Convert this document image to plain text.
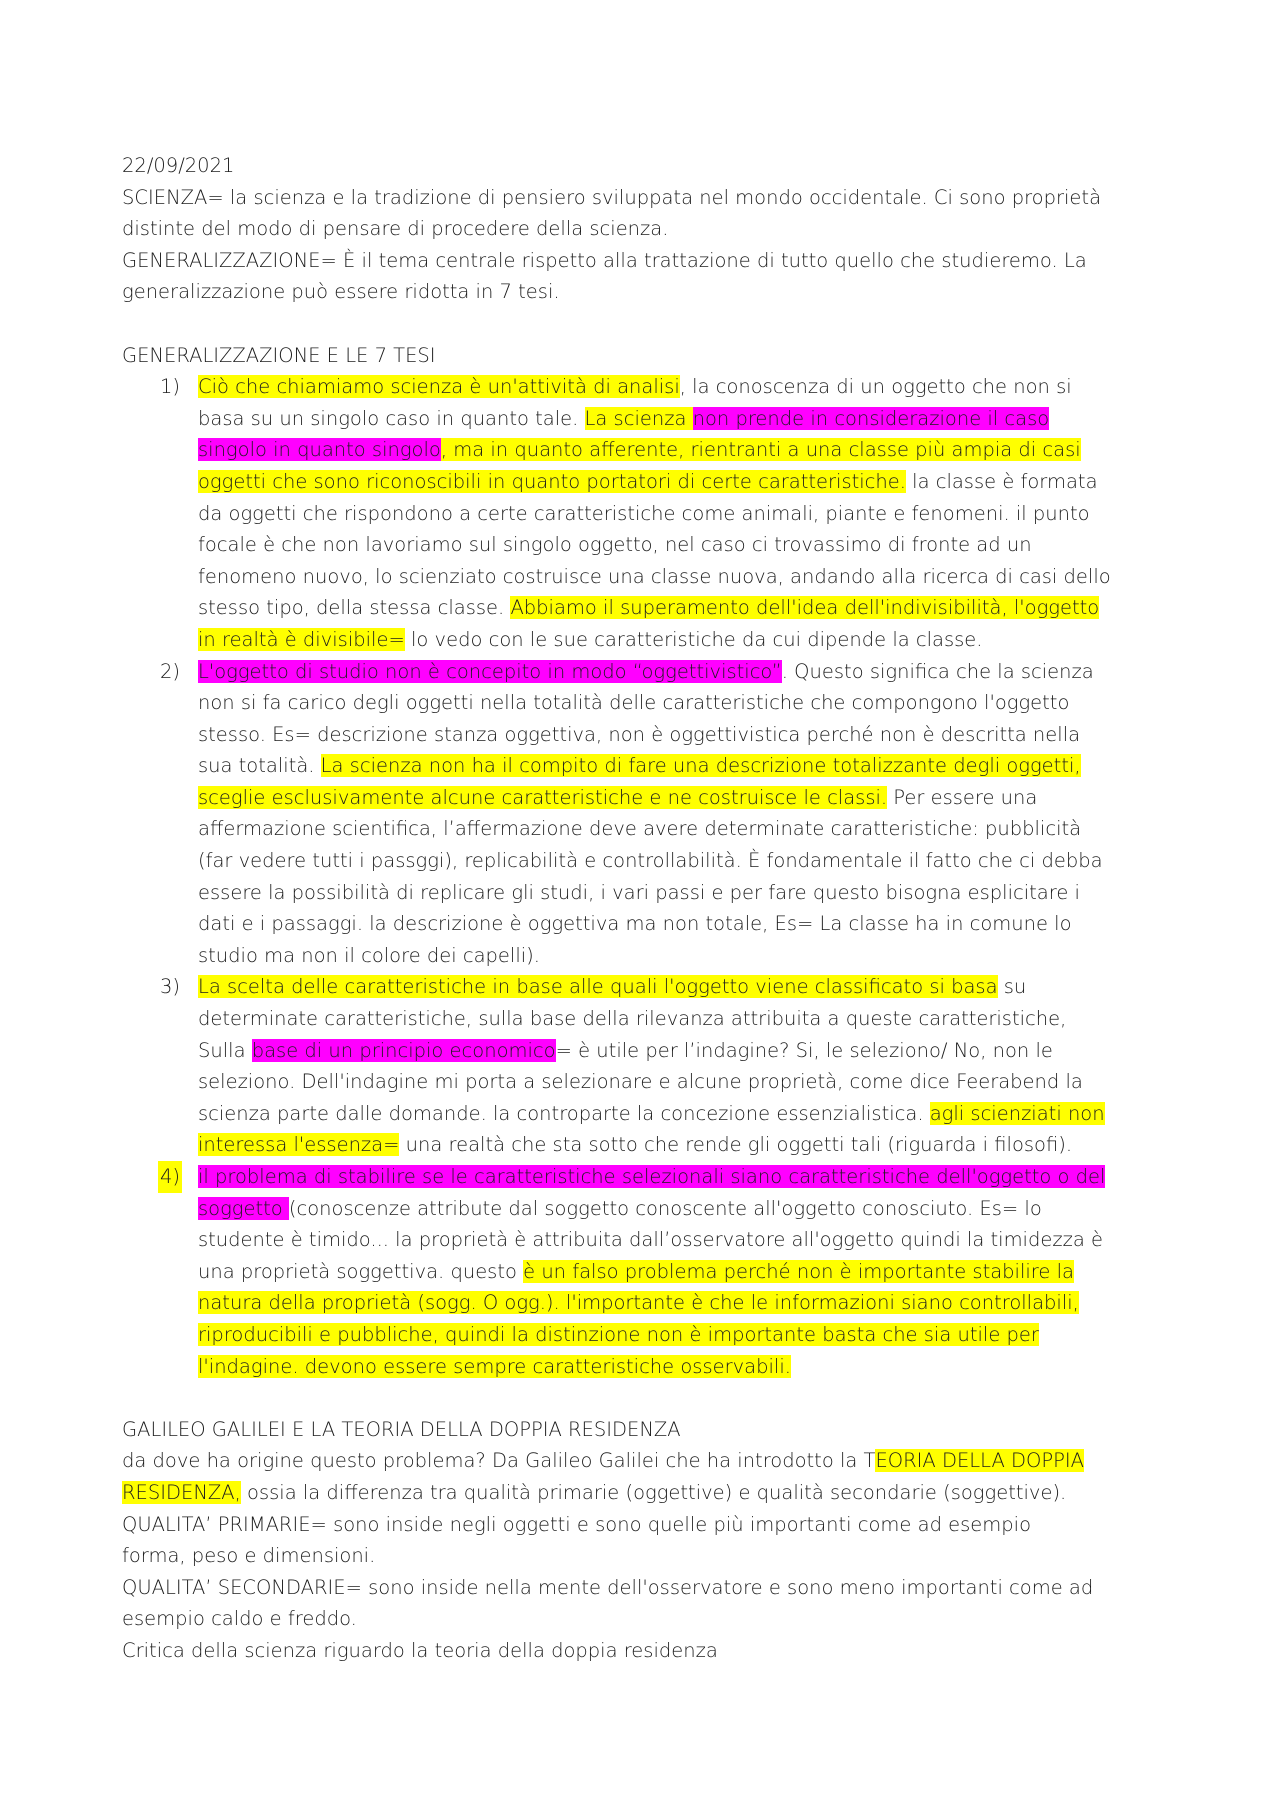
22/09/2021
SCIENZA= la scienza e la tradizione di pensiero sviluppata nel mondo occidentale. Ci sono proprietà
distinte del modo di pensare di procedere della scienza.
GENERALIZZAZIONE= È il tema centrale rispetto alla trattazione di tutto quello che studieremo. La
generalizzazione può essere ridotta in 7 tesi.
GENERALIZZAZIONE E LE 7 TESI
1) Ciò che chiamiamo scienza è un'attività di analisi, la conoscenza di un oggetto che non si
basa su un singolo caso in quanto tale. La scienza non prende in considerazione il caso
singolo in quanto singolo, ma in quanto afferente, rientranti a una classe più ampia di casi
oggetti che sono riconoscibili in quanto portatori di certe caratteristiche. la classe è formata
da oggetti che rispondono a certe caratteristiche come animali, piante e fenomeni. il punto
focale è che non lavoriamo sul singolo oggetto, nel caso ci trovassimo di fronte ad un
fenomeno nuovo, lo scienziato costruisce una classe nuova, andando alla ricerca di casi dello
stesso tipo, della stessa classe. Abbiamo il superamento dell'idea dell'indivisibilità, l'oggetto
in realtà è divisibile= lo vedo con le sue caratteristiche da cui dipende la classe.
2) L'oggetto di studio non è concepito in modo “oggettivistico”. Questo significa che la scienza
non si fa carico degli oggetti nella totalità delle caratteristiche che compongono l'oggetto
stesso. Es= descrizione stanza oggettiva, non è oggettivistica perché non è descritta nella
sua totalità. La scienza non ha il compito di fare una descrizione totalizzante degli oggetti,
sceglie esclusivamente alcune caratteristiche e ne costruisce le classi. Per essere una
affermazione scientifica, l’affermazione deve avere determinate caratteristiche: pubblicità
(far vedere tutti i passggi), replicabilità e controllabilità. È fondamentale il fatto che ci debba
essere la possibilità di replicare gli studi, i vari passi e per fare questo bisogna esplicitare i
dati e i passaggi. la descrizione è oggettiva ma non totale, Es= La classe ha in comune lo
studio ma non il colore dei capelli).
3) La scelta delle caratteristiche in base alle quali l'oggetto viene classificato si basa su
determinate caratteristiche, sulla base della rilevanza attribuita a queste caratteristiche,
Sulla base di un principio economico= è utile per l’indagine? Si, le seleziono/ No, non le
seleziono. Dell'indagine mi porta a selezionare e alcune proprietà, come dice Feerabend la
scienza parte dalle domande. la controparte la concezione essenzialistica. agli scienziati non
interessa l'essenza= una realtà che sta sotto che rende gli oggetti tali (riguarda i filosofi).
4) il problema di stabilire se le caratteristiche selezionali siano caratteristiche dell'oggetto o del
soggetto (conoscenze attribute dal soggetto conoscente all'oggetto conosciuto. Es= lo
studente è timido... la proprietà è attribuita dall’osservatore all'oggetto quindi la timidezza è
una proprietà soggettiva. questo è un falso problema perché non è importante stabilire la
natura della proprietà (sogg. O ogg.). l'importante è che le informazioni siano controllabili,
riproducibili e pubbliche, quindi la distinzione non è importante basta che sia utile per
l'indagine. devono essere sempre caratteristiche osservabili.
GALILEO GALILEI E LA TEORIA DELLA DOPPIA RESIDENZA
da dove ha origine questo problema? Da Galileo Galilei che ha introdotto la TEORIA DELLA DOPPIA
RESIDENZA, ossia la differenza tra qualità primarie (oggettive) e qualità secondarie (soggettive).
QUALITA’ PRIMARIE= sono inside negli oggetti e sono quelle più importanti come ad esempio
forma, peso e dimensioni.
QUALITA’ SECONDARIE= sono inside nella mente dell'osservatore e sono meno importanti come ad
esempio caldo e freddo.
Critica della scienza riguardo la teoria della doppia residenza
